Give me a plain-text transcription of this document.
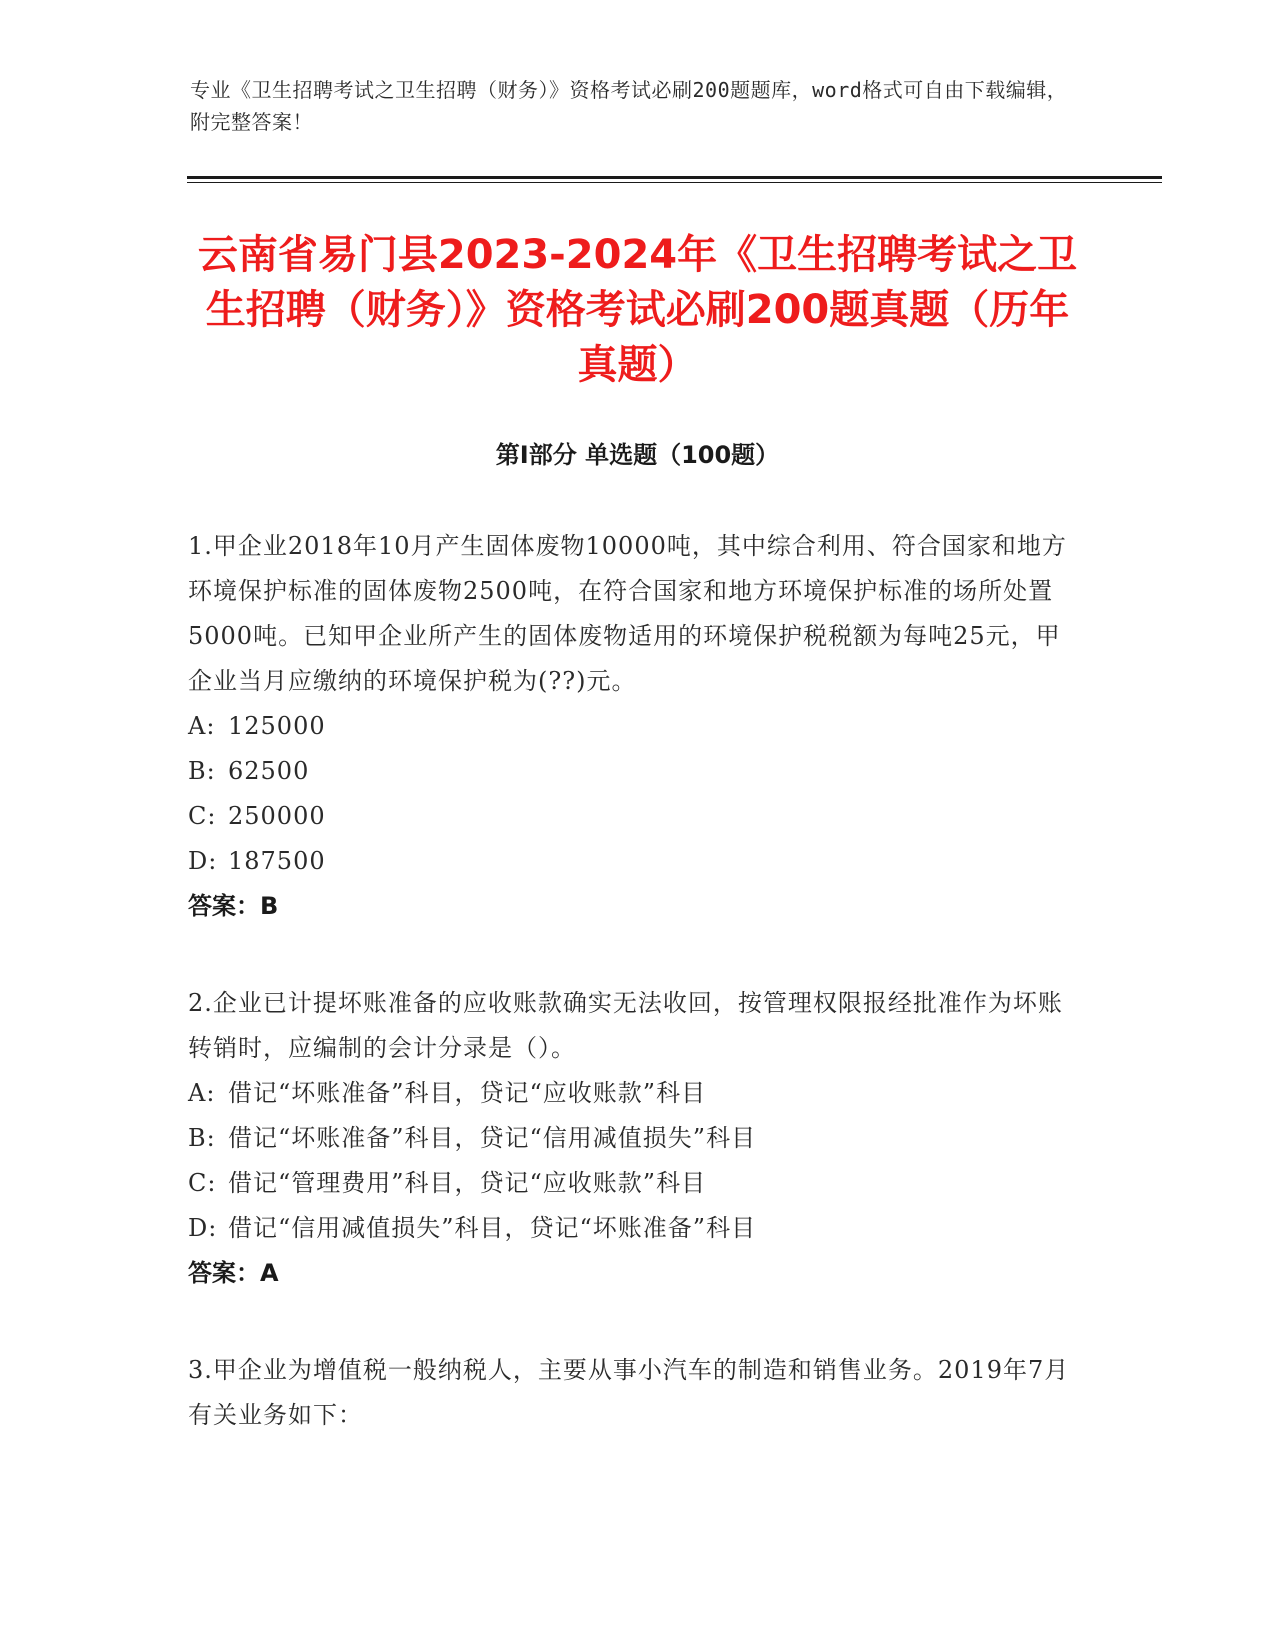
专业《卫生招聘考试之卫生招聘（财务）》资格考试必刷200题题库，word格式可自由下载编辑，附完整答案！
云南省易门县2023-2024年《卫生招聘考试之卫生招聘（财务）》资格考试必刷200题真题（历年真题）
第Ⅰ部分 单选题（100题）

1.甲企业2018年10月产生固体废物10000吨，其中综合利用、符合国家和地方环境保护标准的固体废物2500吨，在符合国家和地方环境保护标准的场所处置5000吨。已知甲企业所产生的固体废物适用的环境保护税税额为每吨25元，甲企业当月应缴纳的环境保护税为(??)元。

A: 125000

B: 62500

C: 250000

D: 187500

答案：B

2.企业已计提坏账准备的应收账款确实无法收回，按管理权限报经批准作为坏账转销时，应编制的会计分录是（）。

A: 借记“坏账准备”科目，贷记“应收账款”科目

B: 借记“坏账准备”科目，贷记“信用减值损失”科目

C: 借记“管理费用”科目，贷记“应收账款”科目

D: 借记“信用减值损失”科目，贷记“坏账准备”科目

答案：A

3.甲企业为增值税一般纳税人，主要从事小汽车的制造和销售业务。2019年7月有关业务如下：
